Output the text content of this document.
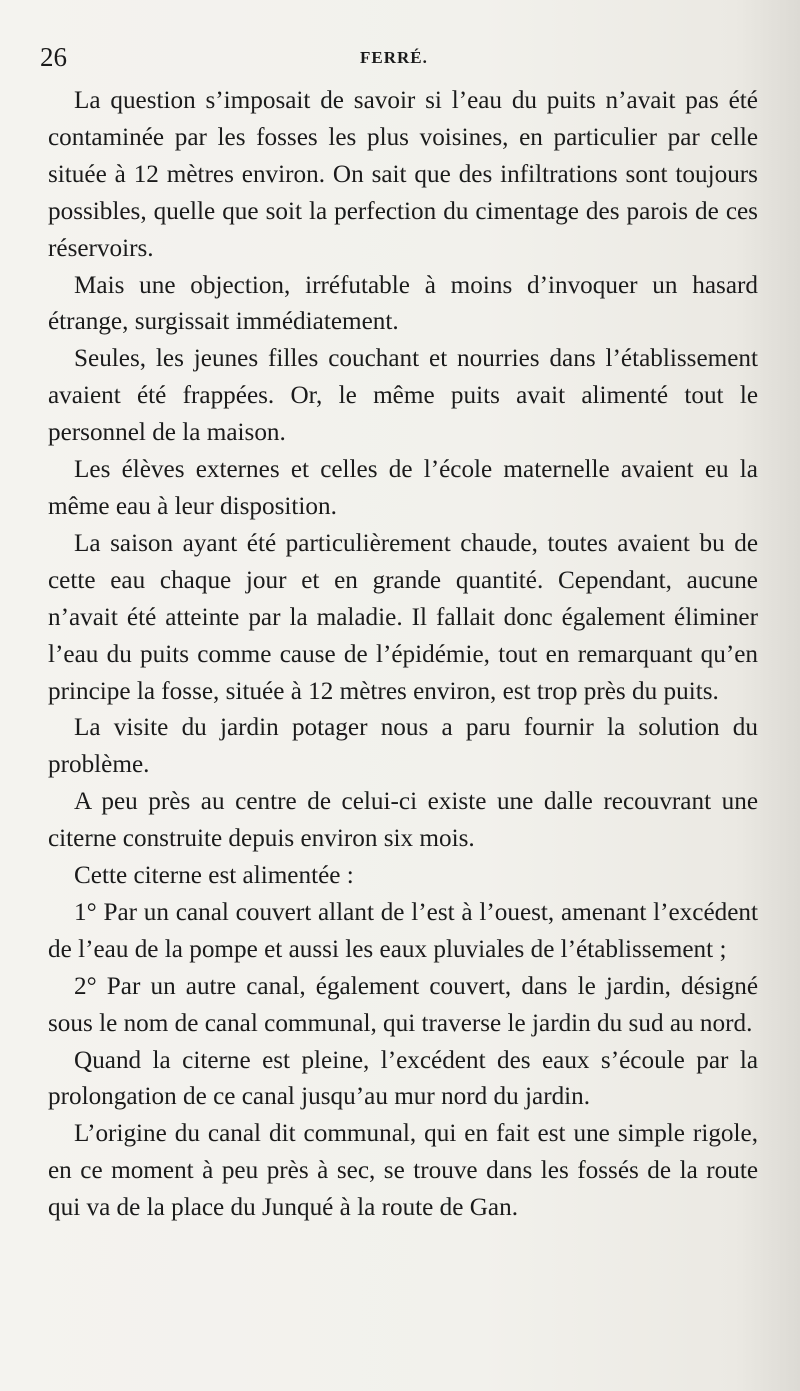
26	FERRÉ.

La question s’imposait de savoir si l’eau du puits n’avait pas été contaminée par les fosses les plus voisines, en particulier par celle située à 12 mètres environ. On sait que des infiltrations sont toujours possibles, quelle que soit la perfection du cimentage des parois de ces réservoirs.

Mais une objection, irréfutable à moins d’invoquer un hasard étrange, surgissait immédiatement.

Seules, les jeunes filles couchant et nourries dans l’établissement avaient été frappées. Or, le même puits avait alimenté tout le personnel de la maison.

Les élèves externes et celles de l’école maternelle avaient eu la même eau à leur disposition.

La saison ayant été particulièrement chaude, toutes avaient bu de cette eau chaque jour et en grande quantité. Cependant, aucune n’avait été atteinte par la maladie. Il fallait donc également éliminer l’eau du puits comme cause de l’épidémie, tout en remarquant qu’en principe la fosse, située à 12 mètres environ, est trop près du puits.

La visite du jardin potager nous a paru fournir la solution du problème.

A peu près au centre de celui-ci existe une dalle recouvrant une citerne construite depuis environ six mois.

Cette citerne est alimentée :

1° Par un canal couvert allant de l’est à l’ouest, amenant l’excédent de l’eau de la pompe et aussi les eaux pluviales de l’établissement ;

2° Par un autre canal, également couvert, dans le jardin, désigné sous le nom de canal communal, qui traverse le jardin du sud au nord.

Quand la citerne est pleine, l’excédent des eaux s’écoule par la prolongation de ce canal jusqu’au mur nord du jardin.

L’origine du canal dit communal, qui en fait est une simple rigole, en ce moment à peu près à sec, se trouve dans les fossés de la route qui va de la place du Junqué à la route de Gan.
